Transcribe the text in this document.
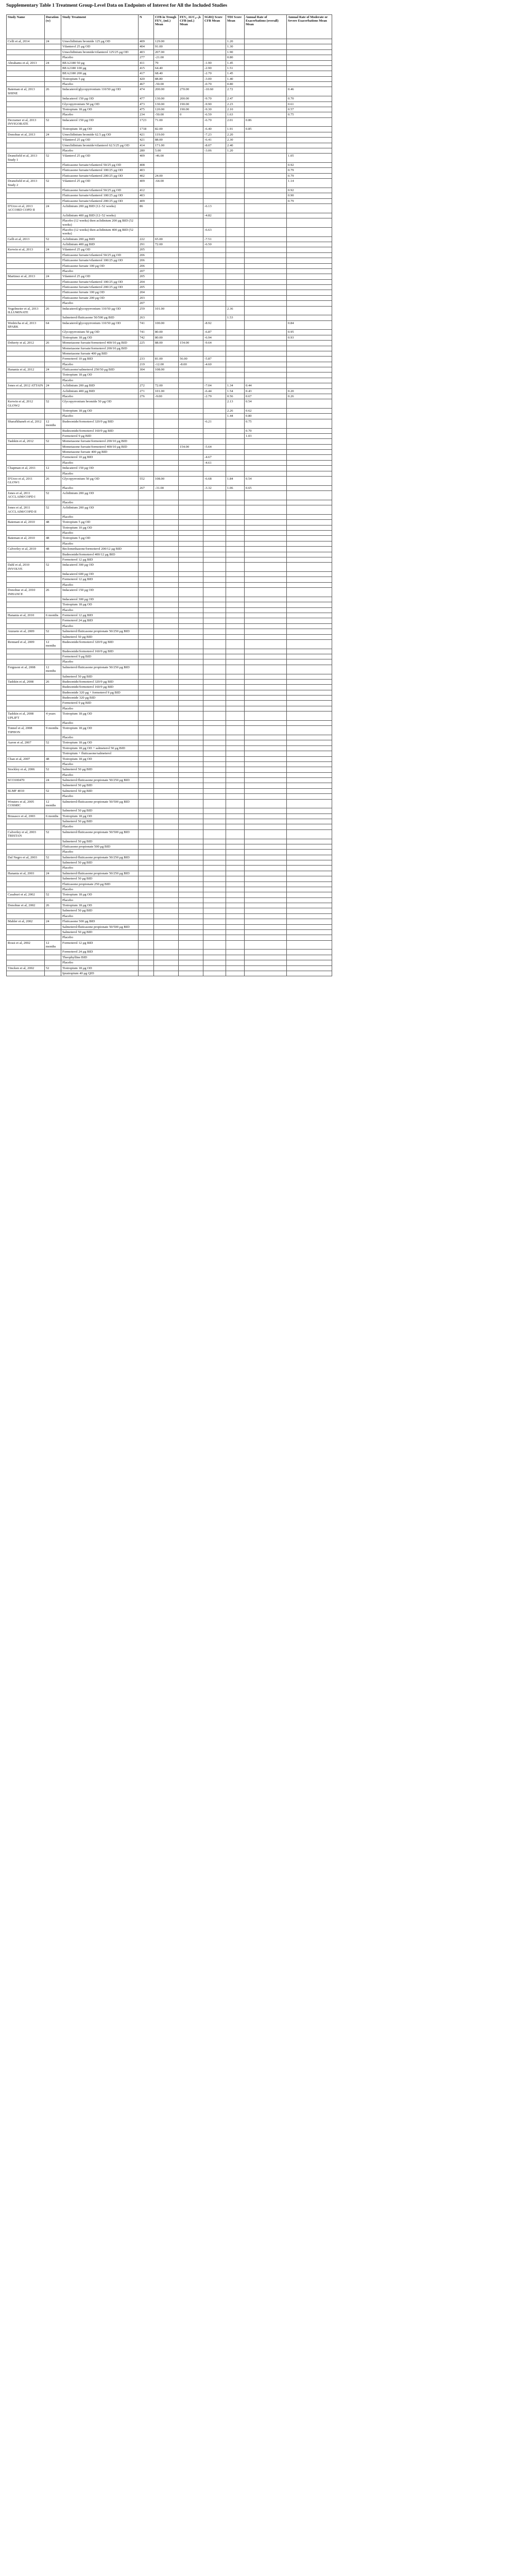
Supplementary Table 1 Treatment Group-Level Data on Endpoints of Interest for All the Included Studies
Study Name	Duration (w)	Study Treatment	N	CFB in Trough FEV₁ (mL) Mean	FEV₁ AUC₀₋₃h CFB (mL) Mean	SGRQ Score CFB Mean	TDI Score Mean	Annual Rate of Exacerbations (overall) Mean	Annual Rate of Moderate or Severe Exacerbations Mean
Celli et al, 2014	24	Umeclidinium bromide 125 μg OD	409	129.00			1.20		
		Vilanterol 25 μg OD	404	91.00			1.30		
		Umeclidinium bromide/vilanterol 125/25 μg OD	403	207.00			1.90		
		Placebo	277	-21.00			0.80		
Abrahams et al, 2013	24	BEA2180 50 μg	411	79		-1.90	1.45		
		BEA2180 100 μg	415	64.40		-2.90	1.51		
		BEA2180 200 μg	417	68.40		-2.70	1.45		
		Tiotropium 5 μg	420	88.80		-3.00	1.40		
		Placebo	467	-50.00		-0.70	0.80		
Bateman et al, 2013 SHINE	26	Indacaterol/glycopyrronium 110/50 μg OD	474	200.00	270.00	-10.60	2.72		0.46
		Indacaterol 150 μg OD	477	130.00	200.00	-9.70	2.47		0.70
		Glycopyrronium 50 μg OD	473	130.00	190.00	-9.90	2.23		0.61
		Tiotropium 18 μg OD	475	120.00	190.00	-9.30	2.10		0.57
		Placebo	234	-50.00	0	-6.59	1.63		0.75
Decramer et al, 2013 INVIGORATE	52	Indacaterol 150 μg OD	1723	71.00		-6.70	2.01	0.86	
		Tiotropium 18 μg OD	1718	82.00		-6.40	1.91	0.85	
Donohue et al, 2013	24	Umeclidinium bromide 62.5 μg OD	421	119.00		-7.23	2.20		
		Vilanterol 25 μg OD	421	88.00		-6.41	2.30		
		Umeclidinium bromide/vilanterol 62.5/25 μg OD	414	171.00		-8.07	2.40		
		Placebo	280	5.00		-3.06	1.20		
Dransfield et al, 2013 Study 1	52	Vilanterol 25 μg OD	409	-46.00					1.05
		Fluticasone furoate/vilanterol 50/25 μg OD	408						0.92
		Fluticasone furoate/vilanterol 100/25 μg OD	403						0.79
		Fluticasone furoate/vilanterol 200/25 μg OD	402	24.00					0.79
Dransfield et al, 2013 Study 2	52	Vilanterol 25 μg OD	409	-64.00					1.14
		Fluticasone furoate/vilanterol 50/25 μg OD	412						0.92
		Fluticasone furoate/vilanterol 100/25 μg OD	403						0.90
		Fluticasone furoate/vilanterol 200/25 μg OD	409						0.79
D'Urzo et al, 2013 ACCORD COPD II	24	Aclidinium 200 μg BID (12–52 weeks)	86			-6.13			
		Aclidinium 400 μg BID (12–52 weeks)				-4.82			
		Placebo (12 weeks) then aclidinium 200 μg BID (52 weeks)							
		Placebo (12 weeks) then aclidinium 400 μg BID (52 weeks)				-6.63			
Gelb et al, 2013	52	Aclidinium 200 μg BID	222	65.00		-7.51			
		Aclidinium 400 μg BID	291	72.00		-6.50			
Kerwin et al, 2013	24	Vilanterol 25 μg OD	205						
		Fluticasone furoate/vilanterol 50/25 μg OD	206						
		Fluticasone furoate/vilanterol 100/25 μg OD	206						
		Fluticasone furoate 100 μg OD	206						
		Placebo	207						
Martinez et al, 2013	24	Vilanterol 25 μg OD	205						
		Fluticasone furoate/vilanterol 100/25 μg OD	204						
		Fluticasone furoate/vilanterol 200/25 μg OD	205						
		Fluticasone furoate 100 μg OD	204						
		Fluticasone furoate 200 μg OD	203						
		Placebo	207						
Vogelmeier et al, 2013 ILLUMINATE	26	Indacaterol/glycopyrronium 110/50 μg OD	259	101.00			2.36		
		Salmeterol/fluticasone 50/500 μg BID	263				1.53		
Wedzicha et al, 2013 SPARK	64	Indacaterol/glycopyrronium 110/50 μg OD	741	100.00		-8.92			0.84
		Glycopyrronium 50 μg OD	741	80.00		-6.87			0.95
		Tiotropium 18 μg OD	742	80.00		-6.94			0.93
Doherty et al, 2012	26	Mometasone furoate/formoterol 400/10 μg BID	225	88.00	154.00	-9.64			
		Mometasone furoate/formoterol 200/10 μg BID							
		Mometasone furoate 400 μg BID							
		Formoterol 10 μg BID	233	81.00	56.00	-5.87			
		Placebo	219	-12.00	-8.00	-4.60			
Hanania et al, 2012	24	Fluticasone/salmeterol 250/50 μg BID	304	108.00					
		Tiotropium 18 μg OD							
		Placebo							
Jones et al, 2012 ATTAIN	24	Aclidinium 200 μg BID	272	72.00		-7.04	1.34	0.44	
		Aclidinium 400 μg BID	271	101.00		-6.44	1.54	0.43	0.20
		Placebo	276	-9.00		-2.79	0.56	0.67	0.26
Kerwin et al, 2012 GLOW2	52	Glycopyrronium bromide 50 μg OD					2.13	0.54	
		Tiotropium 18 μg OD					2.26	0.62	
		Placebo					1.44	0.80	
Sharafkhaneh et al, 2012	12 months	Budesonide/formoterol 320/9 μg BID				-6.21		0.75	
		Budesonide/formoterol 160/9 μg BID						0.70	
		Formoterol 9 μg BID						1.03	
Tashkin et al, 2012	52	Mometasone furoate/formoterol 200/10 μg BID							
		Mometasone furoate/formoterol 400/10 μg BID			154.00	-5.64			
		Mometasone furoate 400 μg BID							
		Formoterol 10 μg BID				-4.67			
		Placebo				-4.61			
Chapman et al, 2011	12	Indacaterol 150 μg OD							
		Placebo							
D'Urzo et al, 2011 GLOW1	26	Glycopyrronium 50 μg OD	552	108.00		-6.68	1.84	0.54	
		Placebo	267	-31.00		-3.32	1.06	0.65	
Jones et al, 2011 ACCLAIM/COPD I	52	Aclidinium 200 μg OD							
		Placebo							
Jones et al, 2011 ACCLAIM/COPD II	52	Aclidinium 200 μg OD							
		Placebo							
Bateman et al, 2010	48	Tiotropium 5 μg OD							
		Tiotropium 10 μg OD							
		Placebo							
Bateman et al, 2010	48	Tiotropium 5 μg OD							
		Placebo							
Calverley et al, 2010	48	Beclomethasone/formoterol 200/12 μg BID							
		Budesonide/formoterol 400/12 μg BID							
		Formoterol 12 μg BID							
Dahl et al, 2010 INVOLVE	52	Indacaterol 300 μg OD							
		Indacaterol 600 μg OD							
		Formoterol 12 μg BID							
		Placebo							
Donohue et al, 2010 INHANCE	26	Indacaterol 150 μg OD							
		Indacaterol 300 μg OD							
		Tiotropium 18 μg OD							
		Placebo							
Hanania et al, 2010	6 months	Formoterol 12 μg BID							
		Formoterol 24 μg BID							
		Placebo							
Anzueto et al, 2009	52	Salmeterol/fluticasone propionate 50/250 μg BID							
		Salmeterol 50 μg BID							
Rennard et al, 2009	12 months	Budesonide/formoterol 320/9 μg BID							
		Budesonide/formoterol 160/9 μg BID							
		Formoterol 9 μg BID							
		Placebo							
Ferguson et al, 2008	12 months	Salmeterol/fluticasone propionate 50/250 μg BID							
		Salmeterol 50 μg BID							
Tashkin et al, 2008	26	Budesonide/formoterol 320/9 μg BID							
		Budesonide/formoterol 160/9 μg BID							
		Budesonide 320 μg + formoterol 9 μg BID							
		Budesonide 320 μg BID							
		Formoterol 9 μg BID							
		Placebo							
Tashkin et al, 2008 UPLIFT	4 years	Tiotropium 18 μg OD							
		Placebo							
Tonnel et al, 2008 TIPHON	9 months	Tiotropium 18 μg OD							
		Placebo							
Aaron et al, 2007	52	Tiotropium 18 μg OD							
		Tiotropium 18 μg OD + salmeterol 50 μg BID							
		Tiotropium + fluticasone/salmeterol							
Chan et al, 2007	48	Tiotropium 18 μg OD							
		Placebo							
Stockley et al, 2006	52	Salmeterol 50 μg BID							
		Placebo							
SCO100470	24	Salmeterol/fluticasone propionate 50/250 μg BID							
		Salmeterol 50 μg BID							
SLMF 4010	52	Salmeterol 50 μg BID							
		Placebo							
Wouters et al, 2005 COSMIC	12 months	Salmeterol/fluticasone propionate 50/500 μg BID							
		Salmeterol 50 μg BID							
Brusasco et al, 2003	6 months	Tiotropium 18 μg OD							
		Salmeterol 50 μg BID							
		Placebo							
Calverley et al, 2003 TRISTAN	52	Salmeterol/fluticasone propionate 50/500 μg BID							
		Salmeterol 50 μg BID							
		Fluticasone propionate 500 μg BID							
		Placebo							
Dal Negro et al, 2003	52	Salmeterol/fluticasone propionate 50/250 μg BID							
		Salmeterol 50 μg BID							
		Placebo							
Hanania et al, 2003	24	Salmeterol/fluticasone propionate 50/250 μg BID							
		Salmeterol 50 μg BID							
		Fluticasone propionate 250 μg BID							
		Placebo							
Casaburi et al, 2002	52	Tiotropium 18 μg OD							
		Placebo							
Donohue et al, 2002	26	Tiotropium 18 μg OD							
		Salmeterol 50 μg BID							
		Placebo							
Mahler et al, 2002	24	Fluticasone 500 μg BID							
		Salmeterol/fluticasone propionate 50/500 μg BID							
		Salmeterol 50 μg BID							
		Placebo							
Rossi et al, 2002	12 months	Formoterol 12 μg BID							
		Formoterol 24 μg BID							
		Theophylline BID							
		Placebo							
Vincken et al, 2002	52	Tiotropium 18 μg OD							
		Ipratropium 40 μg QID							
